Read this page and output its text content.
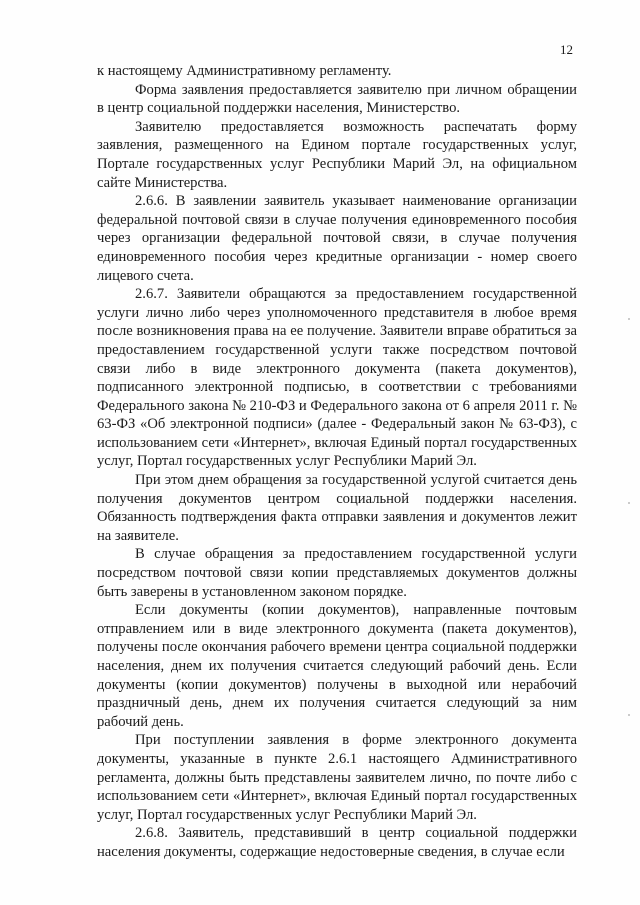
12

к настоящему Административному регламенту.

Форма заявления предоставляется заявителю при личном обращении в центр социальной поддержки населения, Министерство.

Заявителю предоставляется возможность распечатать форму заявления, размещенного на Едином портале государственных услуг, Портале государственных услуг Республики Марий Эл, на официальном сайте Министерства.

2.6.6. В заявлении заявитель указывает наименование организации федеральной почтовой связи в случае получения единовременного пособия через организации федеральной почтовой связи, в случае получения единовременного пособия через кредитные организации - номер своего лицевого счета.

2.6.7. Заявители обращаются за предоставлением государственной услуги лично либо через уполномоченного представителя в любое время после возникновения права на ее получение. Заявители вправе обратиться за предоставлением государственной услуги также посредством почтовой связи либо в виде электронного документа (пакета документов), подписанного электронной подписью, в соответствии с требованиями Федерального закона № 210-ФЗ и Федерального закона от 6 апреля 2011 г. № 63-ФЗ «Об электронной подписи» (далее - Федеральный закон № 63-ФЗ), с использованием сети «Интернет», включая Единый портал государственных услуг, Портал государственных услуг Республики Марий Эл.

При этом днем обращения за государственной услугой считается день получения документов центром социальной поддержки населения. Обязанность подтверждения факта отправки заявления и документов лежит на заявителе.

В случае обращения за предоставлением государственной услуги посредством почтовой связи копии представляемых документов должны быть заверены в установленном законом порядке.

Если документы (копии документов), направленные почтовым отправлением или в виде электронного документа (пакета документов), получены после окончания рабочего времени центра социальной поддержки населения, днем их получения считается следующий рабочий день. Если документы (копии документов) получены в выходной или нерабочий праздничный день, днем их получения считается следующий за ним рабочий день.

При поступлении заявления в форме электронного документа документы, указанные в пункте 2.6.1 настоящего Административного регламента, должны быть представлены заявителем лично, по почте либо с использованием сети «Интернет», включая Единый портал государственных услуг, Портал государственных услуг Республики Марий Эл.

2.6.8. Заявитель, представивший в центр социальной поддержки населения документы, содержащие недостоверные сведения, в случае если
